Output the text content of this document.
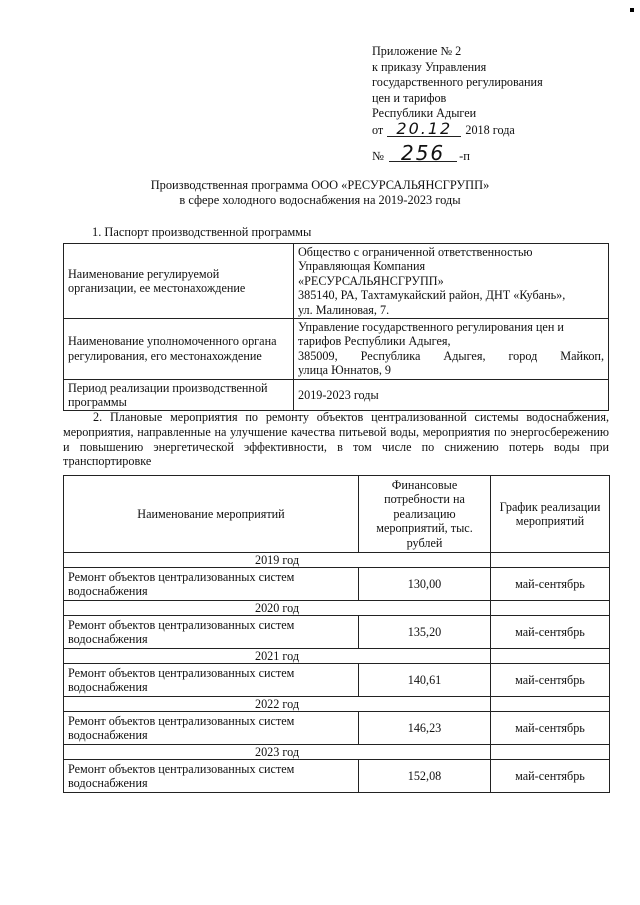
Приложение № 2
к приказу Управления
государственного регулирования
цен и тарифов
Республики Адыгеи
от 20.12 2018 года
№ 256 -п
Производственная программа ООО «РЕСУРСАЛЬЯНСГРУПП»
в сфере холодного водоснабжения на 2019-2023 годы
1. Паспорт производственной программы
Наименование регулируемой организации, ее местонахождение	Общество с ограниченной ответственностью
Управляющая Компания
«РЕСУРСАЛЬЯНСГРУПП»
385140, РА, Тахтамукайский район, ДНТ «Кубань»,
ул. Малиновая, 7.

Наименование уполномоченного органа регулирования, его местонахождение	Управление государственного регулирования цен и
тарифов Республики Адыгея,
385009, Республика Адыгея, город Майкоп,
улица Юннатов, 9

Период реализации производственной программы	2019-2023 годы
2. Плановые мероприятия по ремонту объектов централизованной системы водоснабжения, мероприятия, направленные на улучшение качества питьевой воды, мероприятия по энергосбережению и повышению энергетической эффективности, в том числе по снижению потерь воды при транспортировке
Наименование мероприятий	Финансовые потребности на реализацию мероприятий, тыс. рублей	График реализации мероприятий
2019 год		
Ремонт объектов централизованных систем водоснабжения	130,00	май-сентябрь
2020 год		
Ремонт объектов централизованных систем водоснабжения	135,20	май-сентябрь
2021 год		
Ремонт объектов централизованных систем водоснабжения	140,61	май-сентябрь
2022 год		
Ремонт объектов централизованных систем водоснабжения	146,23	май-сентябрь
2023 год		
Ремонт объектов централизованных систем водоснабжения	152,08	май-сентябрь
